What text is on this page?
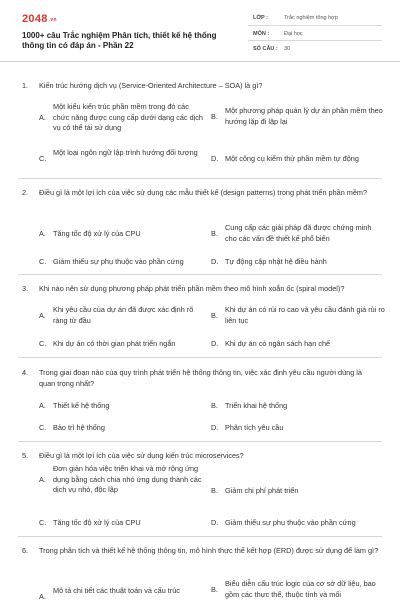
2048.vn
1000+ câu Trắc nghiệm Phân tích, thiết kế hệ thống thông tin có đáp án - Phần 22
LỚP :	Trắc nghiệm tổng hợp
MÔN :	Đại học
SỐ CÂU : 30
1. Kiến trúc hướng dịch vụ (Service-Oriented Architecture – SOA) là gì?
A.
Một kiểu kiến trúc phần mềm trong đó các chức năng được cung cấp dưới dạng các dịch vụ có thể tái sử dụng
B.
Một phương pháp quản lý dự án phần mềm theo hướng lặp đi lặp lại
C.
Một loại ngôn ngữ lập trình hướng đối tượng
D. Một công cụ kiểm thử phần mềm tự động
2. Điều gì là một lợi ích của việc sử dụng các mẫu thiết kế (design patterns) trong phát triển phần mềm?
A. Tăng tốc độ xử lý của CPU	B.
Cung cấp các giải pháp đã được chứng minh cho các vấn đề thiết kế phổ biến
C. Giảm thiểu sự phụ thuộc vào phần cứng	D. Tự động cập nhật hệ điều hành
3. Khi nào nên sử dụng phương pháp phát triển phần mềm theo mô hình xoắn ốc (spiral model)?
A.
Khi yêu cầu của dự án đã được xác định rõ ràng từ đầu	B.
Khi dự án có rủi ro cao và yêu cầu đánh giá rủi ro liên tục
C. Khi dự án có thời gian phát triển ngắn	D. Khi dự án có ngân sách hạn chế
4. Trong giai đoạn nào của quy trình phát triển hệ thống thông tin, việc xác định yêu cầu người dùng là quan trọng nhất?
A. Thiết kế hệ thống	B. Triển khai hệ thống
C. Bảo trì hệ thống	D. Phân tích yêu cầu
5. Điều gì là một lợi ích của việc sử dụng kiến trúc microservices?
A.
Đơn giản hóa việc triển khai và mở rộng ứng dụng bằng cách chia nhỏ ứng dụng thành các dịch vụ nhỏ, độc lập	B. Giảm chi phí phát triển
C. Tăng tốc độ xử lý của CPU	D. Giảm thiểu sự phụ thuộc vào phần cứng
6. Trong phân tích và thiết kế hệ thống thông tin, mô hình thực thể kết hợp (ERD) được sử dụng để làm gì?
A.
Mô tả chi tiết các thuật toán và cấu trúc	B.
Biểu diễn cấu trúc logic của cơ sở dữ liệu, bao gồm các thực thể, thuộc tính và mối
